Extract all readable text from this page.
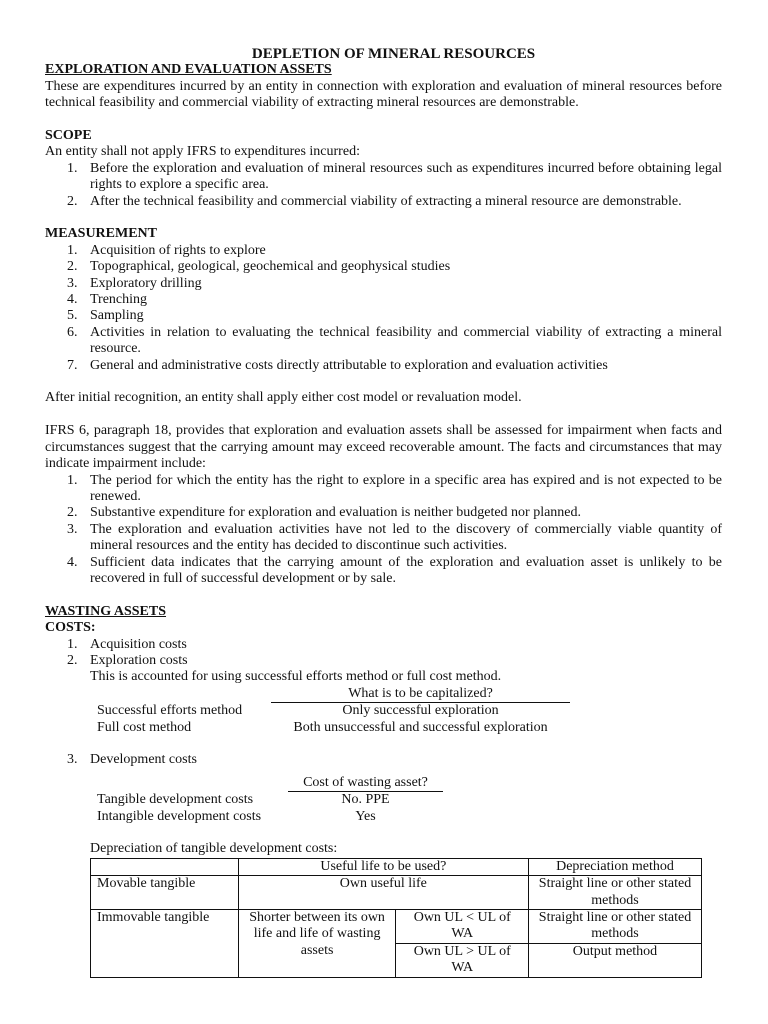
DEPLETION OF MINERAL RESOURCES
EXPLORATION AND EVALUATION ASSETS

These are expenditures incurred by an entity in connection with exploration and evaluation of mineral resources before technical feasibility and commercial viability of extracting mineral resources are demonstrable.

SCOPE

An entity shall not apply IFRS to expenditures incurred:

1. Before the exploration and evaluation of mineral resources such as expenditures incurred before obtaining legal rights to explore a specific area.
2. After the technical feasibility and commercial viability of extracting a mineral resource are demonstrable.
MEASUREMENT
1. Acquisition of rights to explore
2. Topographical, geological, geochemical and geophysical studies
3. Exploratory drilling
4. Trenching
5. Sampling
6. Activities in relation to evaluating the technical feasibility and commercial viability of extracting a mineral resource.
7. General and administrative costs directly attributable to exploration and evaluation activities

After initial recognition, an entity shall apply either cost model or revaluation model.

IFRS 6, paragraph 18, provides that exploration and evaluation assets shall be assessed for impairment when facts and circumstances suggest that the carrying amount may exceed recoverable amount. The facts and circumstances that may indicate impairment include:

1. The period for which the entity has the right to explore in a specific area has expired and is not expected to be renewed.
2. Substantive expenditure for exploration and evaluation is neither budgeted nor planned.
3. The exploration and evaluation activities have not led to the discovery of commercially viable quantity of mineral resources and the entity has decided to discontinue such activities.
4. Sufficient data indicates that the carrying amount of the exploration and evaluation asset is unlikely to be recovered in full of successful development or by sale.
WASTING ASSETS
COSTS:
1. Acquisition costs
2. Exploration costs
This is accounted for using successful efforts method or full cost method.
	What is to be capitalized?
Successful efforts method	Only successful exploration
Full cost method	Both unsuccessful and successful exploration
3. Development costs
	Cost of wasting asset?
Tangible development costs	No. PPE
Intangible development costs	Yes
Depreciation of tangible development costs:
	Useful life to be used?		Depreciation method
Movable tangible	Own useful life		Straight line or other stated methods
Immovable tangible	Shorter between its own life and life of wasting assets	Own UL < UL of WA	Straight line or other stated methods
		Own UL > UL of WA	Output method
